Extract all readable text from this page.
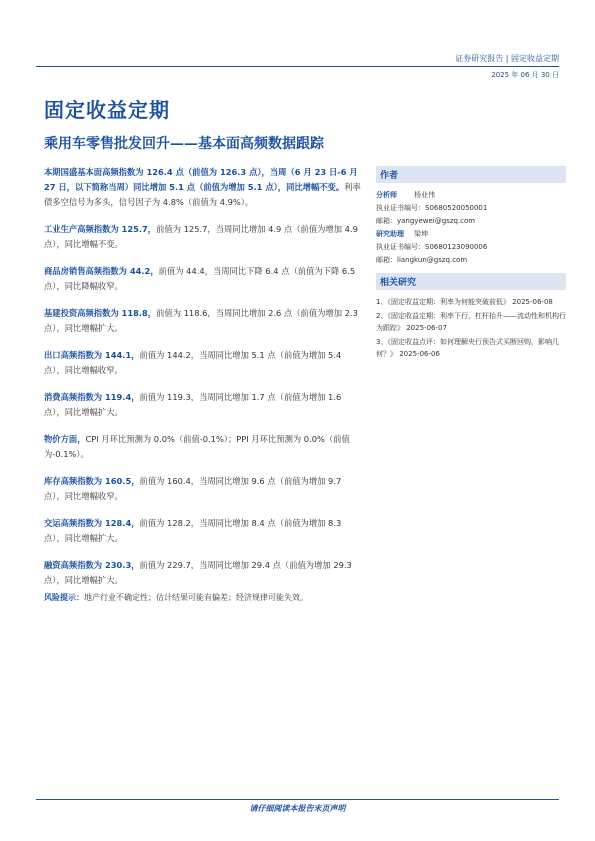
证券研究报告 | 固定收益定期
2025 年 06 月 30 日
固定收益定期
乘用车零售批发回升——基本面高频数据跟踪

本期国盛基本面高频指数为 126.4 点（前值为 126.3 点），当周（6 月 23 日-6 月 27 日，以下简称当周）同比增加 5.1 点（前值为增加 5.1 点），同比增幅不变。利率债多空信号为多头，信号因子为 4.8%（前值为 4.9%）。

工业生产高频指数为 125.7，前值为 125.7，当周同比增加 4.9 点（前值为增加 4.9 点），同比增幅不变。

商品房销售高频指数为 44.2，前值为 44.4，当周同比下降 6.4 点（前值为下降 6.5 点），同比降幅收窄。

基建投资高频指数为 118.8，前值为 118.6，当周同比增加 2.6 点（前值为增加 2.3 点），同比增幅扩大。

出口高频指数为 144.1，前值为 144.2，当周同比增加 5.1 点（前值为增加 5.4 点），同比增幅收窄。

消费高频指数为 119.4，前值为 119.3，当周同比增加 1.7 点（前值为增加 1.6 点），同比增幅扩大。

物价方面，CPI 月环比预测为 0.0%（前值-0.1%）；PPI 月环比预测为 0.0%（前值为-0.1%）。

库存高频指数为 160.5，前值为 160.4，当周同比增加 9.6 点（前值为增加 9.7 点），同比增幅收窄。

交运高频指数为 128.4，前值为 128.2，当周同比增加 8.4 点（前值为增加 8.3 点），同比增幅扩大。

融资高频指数为 230.3，前值为 229.7，当周同比增加 29.4 点（前值为增加 29.3 点），同比增幅扩大。

风险提示：地产行业不确定性；估计结果可能有偏差；经济规律可能失效。
作者
分析师 杨业伟
执业证书编号：S0680520050001
邮箱：yangyewei@gszq.com
研究助理 梁坤
执业证书编号：S0680123090006
邮箱：liangkun@gszq.com
相关研究
1、《固定收益定期：利率为何能突破前低》 2025-06-08
2、《固定收益定期：利率下行，杠杆抬升——流动性和机构行为跟踪》 2025-06-07
3、《固定收益点评：如何理解央行预告式买断回购，影响几何？》 2025-06-06
请仔细阅读本报告末页声明
